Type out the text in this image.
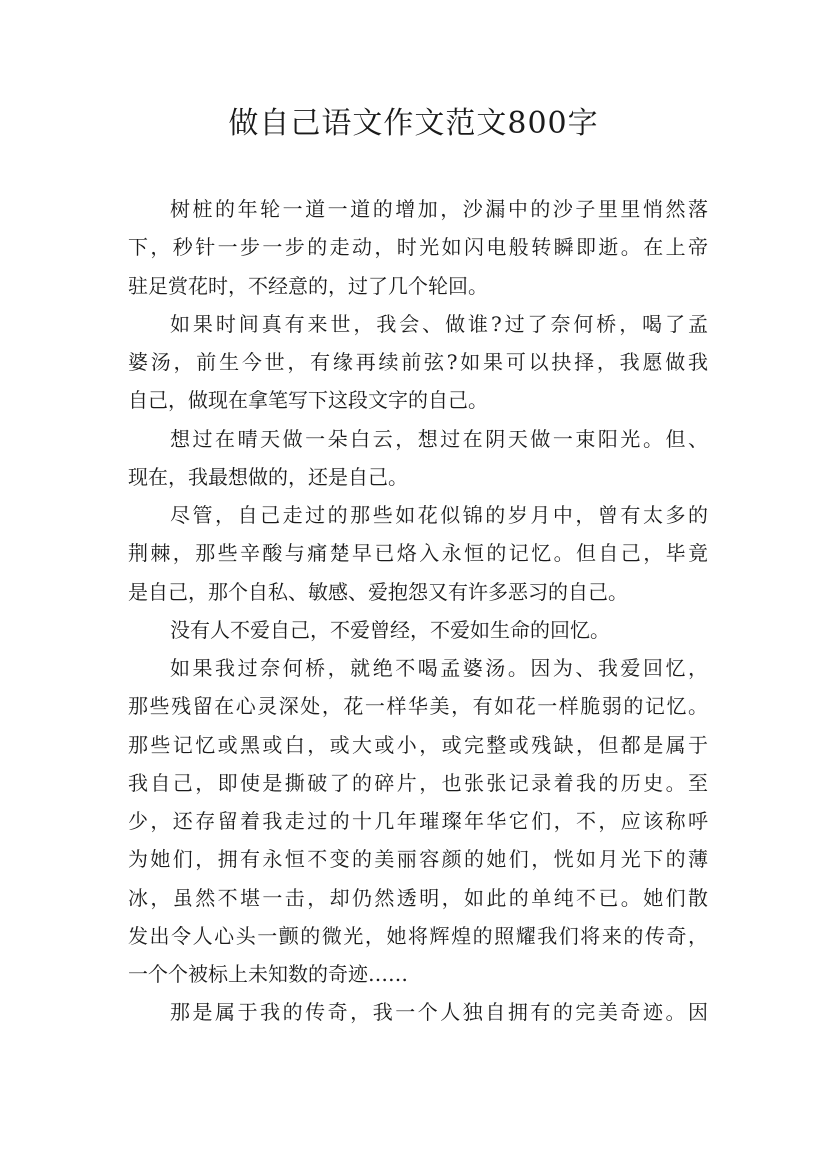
做自己语文作文范文800字
树桩的年轮一道一道的增加，沙漏中的沙子里里悄然落
下，秒针一步一步的走动，时光如闪电般转瞬即逝。在上帝
驻足赏花时，不经意的，过了几个轮回。
如果时间真有来世，我会、做谁?过了奈何桥，喝了孟
婆汤，前生今世，有缘再续前弦?如果可以抉择，我愿做我
自己，做现在拿笔写下这段文字的自己。
想过在晴天做一朵白云，想过在阴天做一束阳光。但、
现在，我最想做的，还是自己。
尽管，自己走过的那些如花似锦的岁月中，曾有太多的
荆棘，那些辛酸与痛楚早已烙入永恒的记忆。但自己，毕竟
是自己，那个自私、敏感、爱抱怨又有许多恶习的自己。
没有人不爱自己，不爱曾经，不爱如生命的回忆。
如果我过奈何桥，就绝不喝孟婆汤。因为、我爱回忆，
那些残留在心灵深处，花一样华美，有如花一样脆弱的记忆。
那些记忆或黑或白，或大或小，或完整或残缺，但都是属于
我自己，即使是撕破了的碎片，也张张记录着我的历史。至
少，还存留着我走过的十几年璀璨年华它们，不，应该称呼
为她们，拥有永恒不变的美丽容颜的她们，恍如月光下的薄
冰，虽然不堪一击，却仍然透明，如此的单纯不已。她们散
发出令人心头一颤的微光，她将辉煌的照耀我们将来的传奇，
一个个被标上未知数的奇迹……
那是属于我的传奇，我一个人独自拥有的完美奇迹。因
